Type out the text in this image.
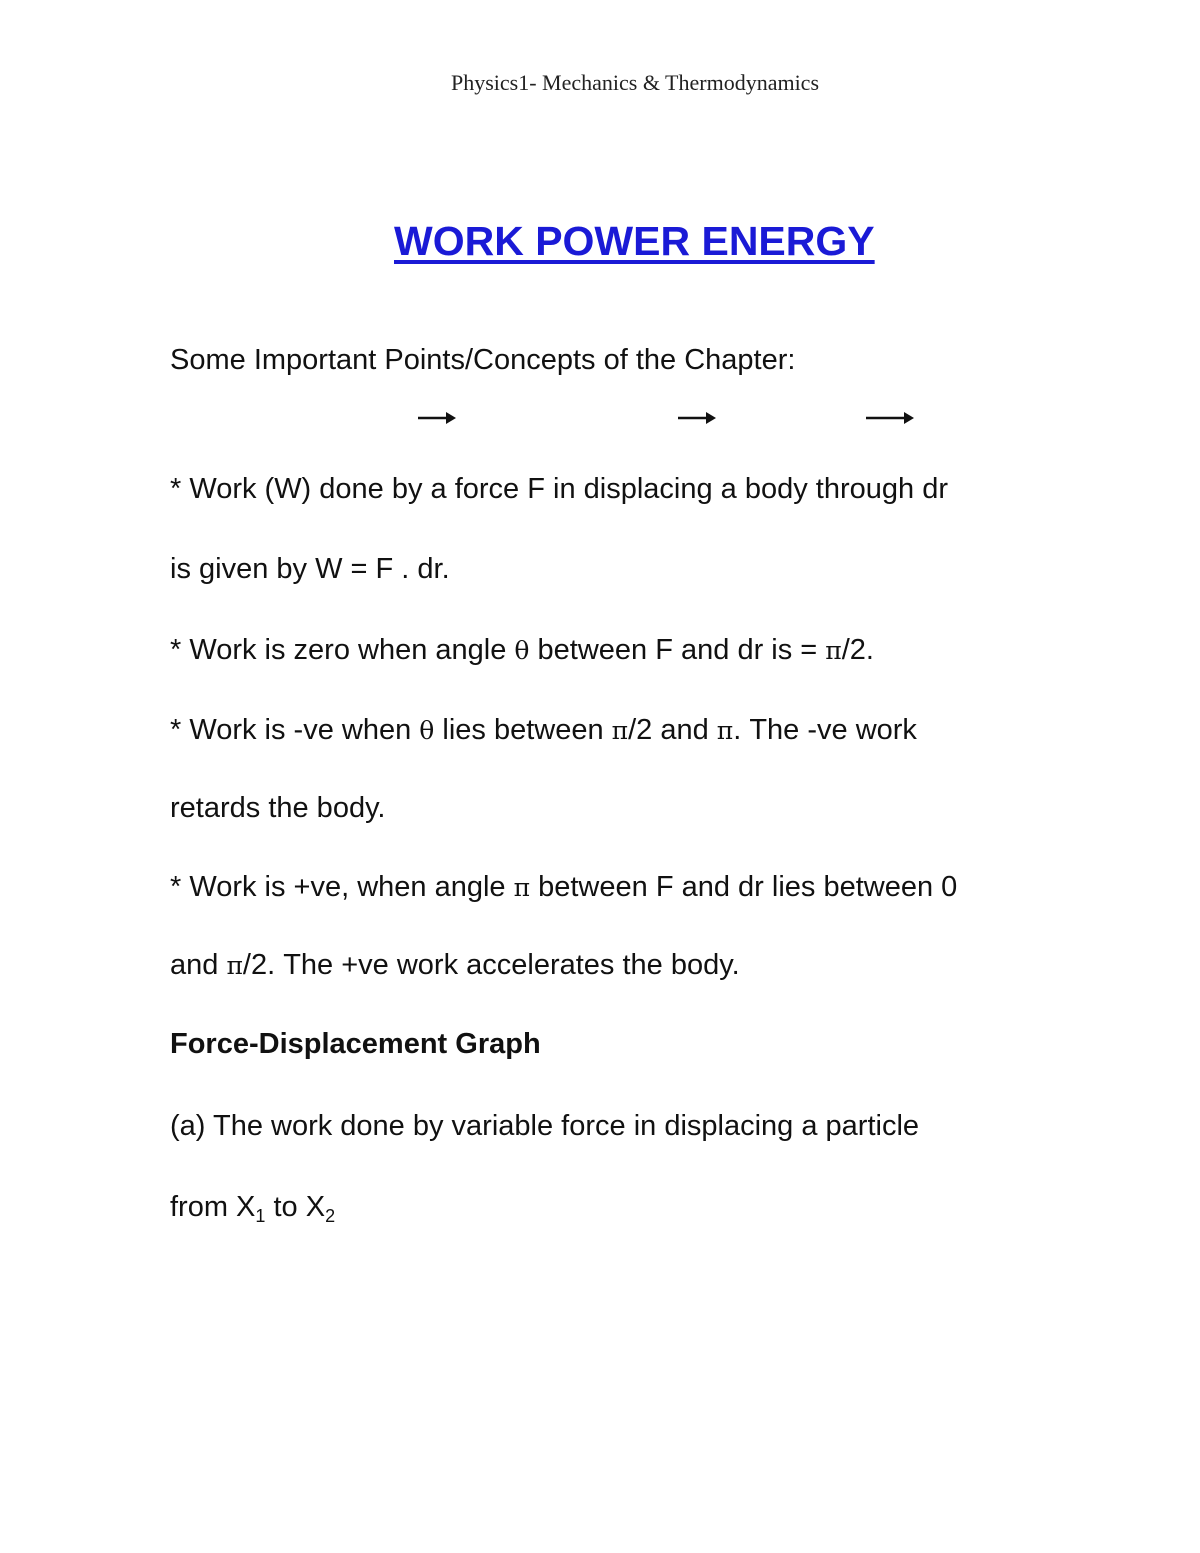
Physics1- Mechanics & Thermodynamics
WORK POWER ENERGY
Some Important Points/Concepts of the Chapter:
* Work (W) done by a force F in displacing a body through dr
is given by W = F . dr.
* Work is zero when angle θ between F and dr is = π/2.
* Work is -ve when θ lies between π/2 and π. The -ve work
retards the body.
* Work is +ve, when angle π between F and dr lies between 0
and π/2. The +ve work accelerates the body.
Force-Displacement Graph
(a) The work done by variable force in displacing a particle
from $X_1$ to $X_2$
